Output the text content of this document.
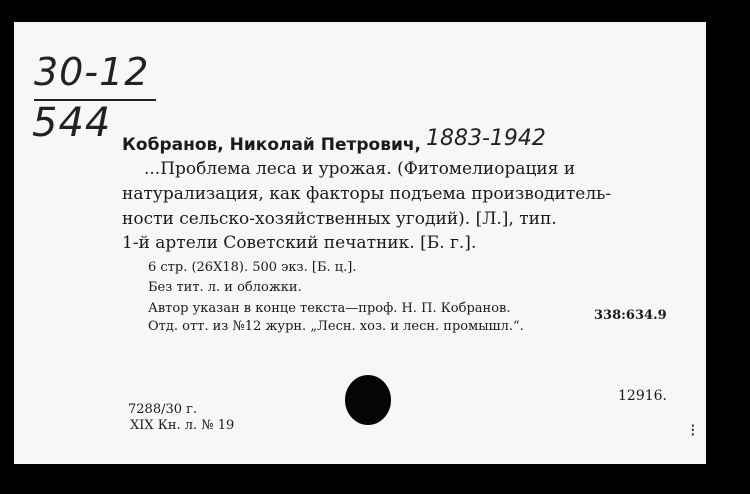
30-12
544 Кобранов, Николай Петрович, 1883-1942
...Проблема леса и урожая. (Фитомелиорация и
натурализация, как факторы подъема производитель-
ности сельско-хозяйственных угодий). [Л.], тип.
1-й артели Советский печатник. [Б. г.].
6 стр. (26X18). 500 экз. [Б. ц.].
Без тит. л. и обложки.
Автор указан в конце текста—проф. Н. П. Кобранов.
Отд. отт. из №12 журн. „Лесн. хоз. и лесн. промышл.“.
338:634.9
7288/30 г.
XIX Кн. л. № 19
12916.
⁝
